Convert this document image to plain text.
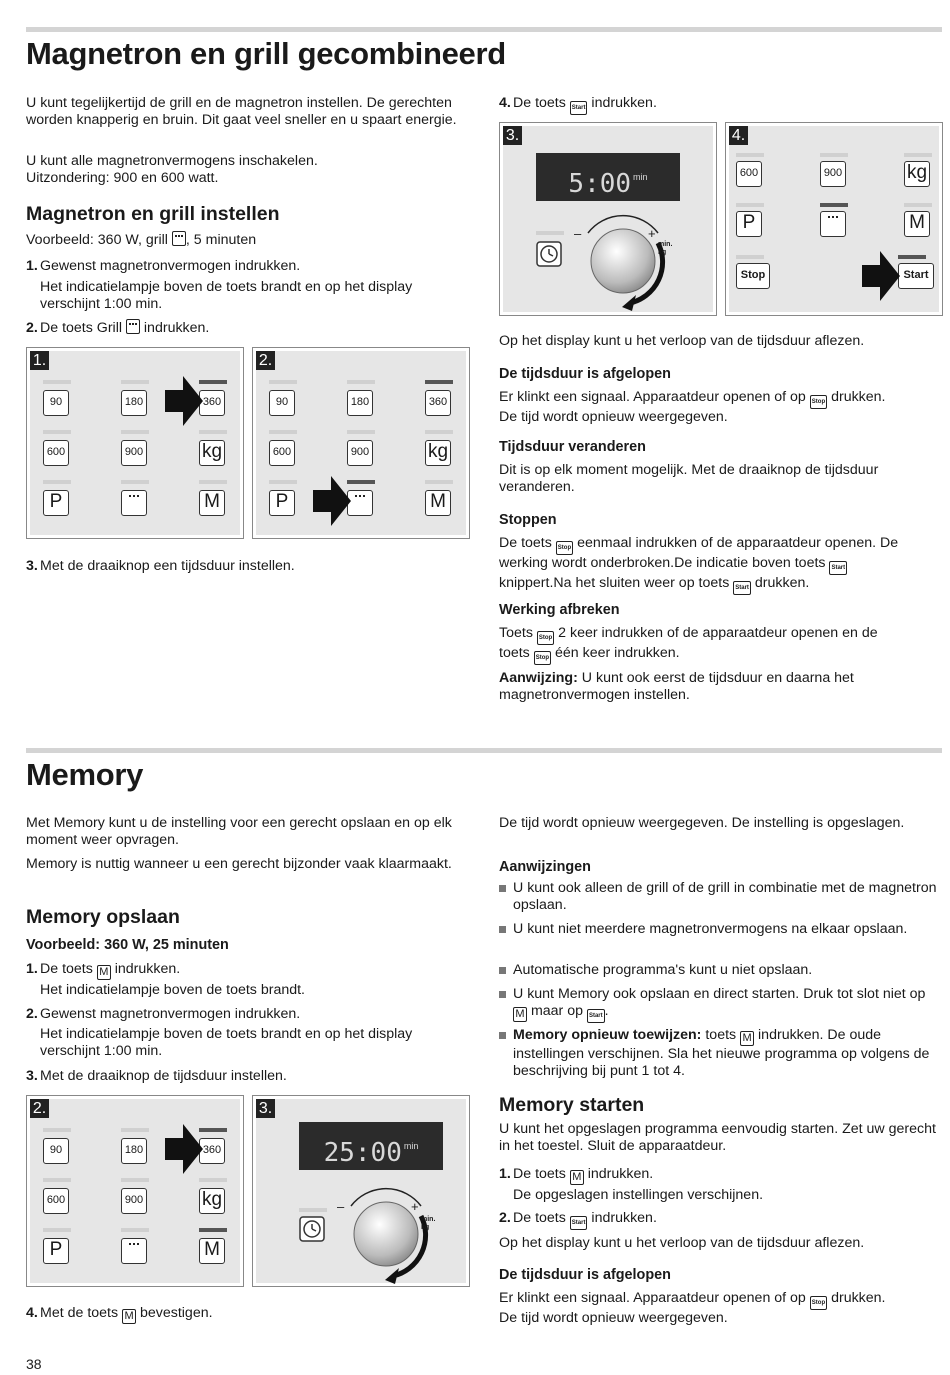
Magnetron en grill gecombineerd

U kunt tegelijkertijd de grill en de magnetron instellen. De gerechten worden knapperig en bruin. Dit gaat veel sneller en u spaart energie.

U kunt alle magnetronvermogens inschakelen.
Uitzondering: 900 en 600 watt.

Magnetron en grill instellen

Voorbeeld: 360 W, grill , 5 minuten

1. Gewenst magnetronvermogen indrukken.

Het indicatielampje boven de toets brandt en op het display verschijnt 1:00 min.

2. De toets Grill indrukken.

1.
90	180	360
600	900	kg
P	M
2.
90	180	360
600	900	kg
P	M

3. Met de draaiknop een tijdsduur instellen.

4. De toets Start indrukken.

3.
5:00 $^{min}$
–	+
min.
kg
4.
600	900	kg
P	M
Stop	Start

Op het display kunt u het verloop van de tijdsduur aflezen.

De tijdsduur is afgelopen

Er klinkt een signaal. Apparaatdeur openen of op Stop drukken.
De tijd wordt opnieuw weergegeven.

Tijdsduur veranderen

Dit is op elk moment mogelijk. Met de draaiknop de tijdsduur veranderen.

Stoppen

De toets Stop eenmaal indrukken of de apparaatdeur openen. De
werking wordt onderbroken.De indicatie boven toets Start
knippert.Na het sluiten weer op toets Start drukken.

Werking afbreken

Toets Stop 2 keer indrukken of de apparaatdeur openen en de
toets Stop één keer indrukken.

Aanwijzing: U kunt ook eerst de tijdsduur en daarna het magnetronvermogen instellen.

Memory

Met Memory kunt u de instelling voor een gerecht opslaan en op elk moment weer opvragen.

Memory is nuttig wanneer u een gerecht bijzonder vaak klaarmaakt.

Memory opslaan
Voorbeeld: 360 W, 25 minuten

1. De toets M indrukken.

Het indicatielampje boven de toets brandt.

2. Gewenst magnetronvermogen indrukken.

Het indicatielampje boven de toets brandt en op het display verschijnt 1:00 min.

3. Met de draaiknop de tijdsduur instellen.

2.
90	180	360
600	900	kg
P	M
3.
25:00 $^{min}$
–	+
min.
kg

4. Met de toets M bevestigen.

De tijd wordt opnieuw weergegeven. De instelling is opgeslagen.

Aanwijzingen
U kunt ook alleen de grill of de grill in combinatie met de magnetron opslaan.
U kunt niet meerdere magnetronvermogens na elkaar opslaan.
Automatische programma's kunt u niet opslaan.
U kunt Memory ook opslaan en direct starten. Druk tot slot niet op M maar op Start .
Memory opnieuw toewijzen: toets M indrukken. De oude instellingen verschijnen. Sla het nieuwe programma op volgens de beschrijving bij punt 1 tot 4.
Memory starten

U kunt het opgeslagen programma eenvoudig starten. Zet uw gerecht in het toestel. Sluit de apparaatdeur.

1. De toets M indrukken.

De opgeslagen instellingen verschijnen.

2. De toets Start indrukken.

Op het display kunt u het verloop van de tijdsduur aflezen.

De tijdsduur is afgelopen

Er klinkt een signaal. Apparaatdeur openen of op Stop drukken.
De tijd wordt opnieuw weergegeven.

38
